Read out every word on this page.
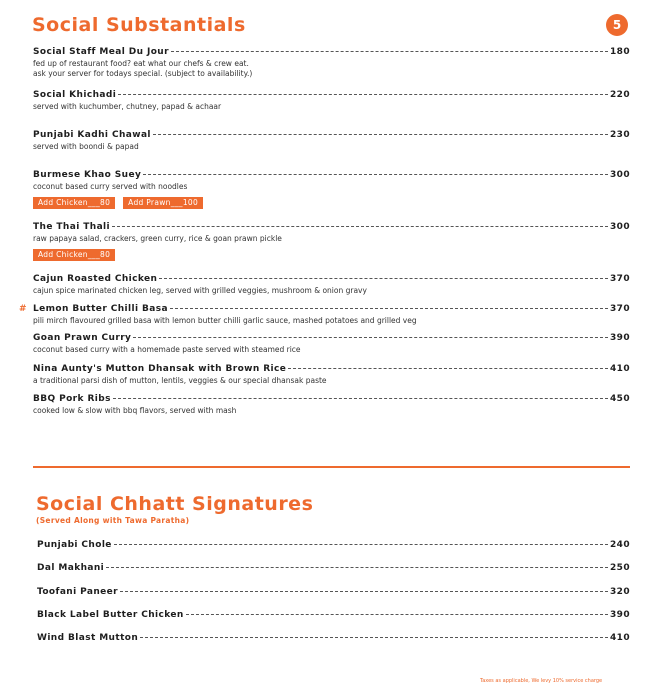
Social Substantials	5
Social Staff Meal Du Jour	180
fed up of restaurant food? eat what our chefs & crew eat.
ask your server for todays special. (subject to availability.)
Social Khichadi	220
served with kuchumber, chutney, papad & achaar
Punjabi Kadhi Chawal	230
served with boondi & papad
Burmese Khao Suey	300
coconut based curry served with noodles
Add Chicken___80	Add Prawn___100
The Thai Thali	300
raw papaya salad, crackers, green curry, rice & goan prawn pickle
Add Chicken___80
Cajun Roasted Chicken	370
cajun spice marinated chicken leg, served with grilled veggies, mushroom & onion gravy
# Lemon Butter Chilli Basa	370
pili mirch flavoured grilled basa with lemon butter chilli garlic sauce, mashed potatoes and grilled veg
Goan Prawn Curry	390
coconut based curry with a homemade paste served with steamed rice
Nina Aunty's Mutton Dhansak with Brown Rice	410
a traditional parsi dish of mutton, lentils, veggies & our special dhansak paste
BBQ Pork Ribs	450
cooked low & slow with bbq flavors, served with mash
Social Chhatt Signatures
(Served Along with Tawa Paratha)
Punjabi Chole	240
Dal Makhani	250
Toofani Paneer	320
Black Label Butter Chicken	390
Wind Blast Mutton	410
Taxes as applicable, We levy 10% service charge
